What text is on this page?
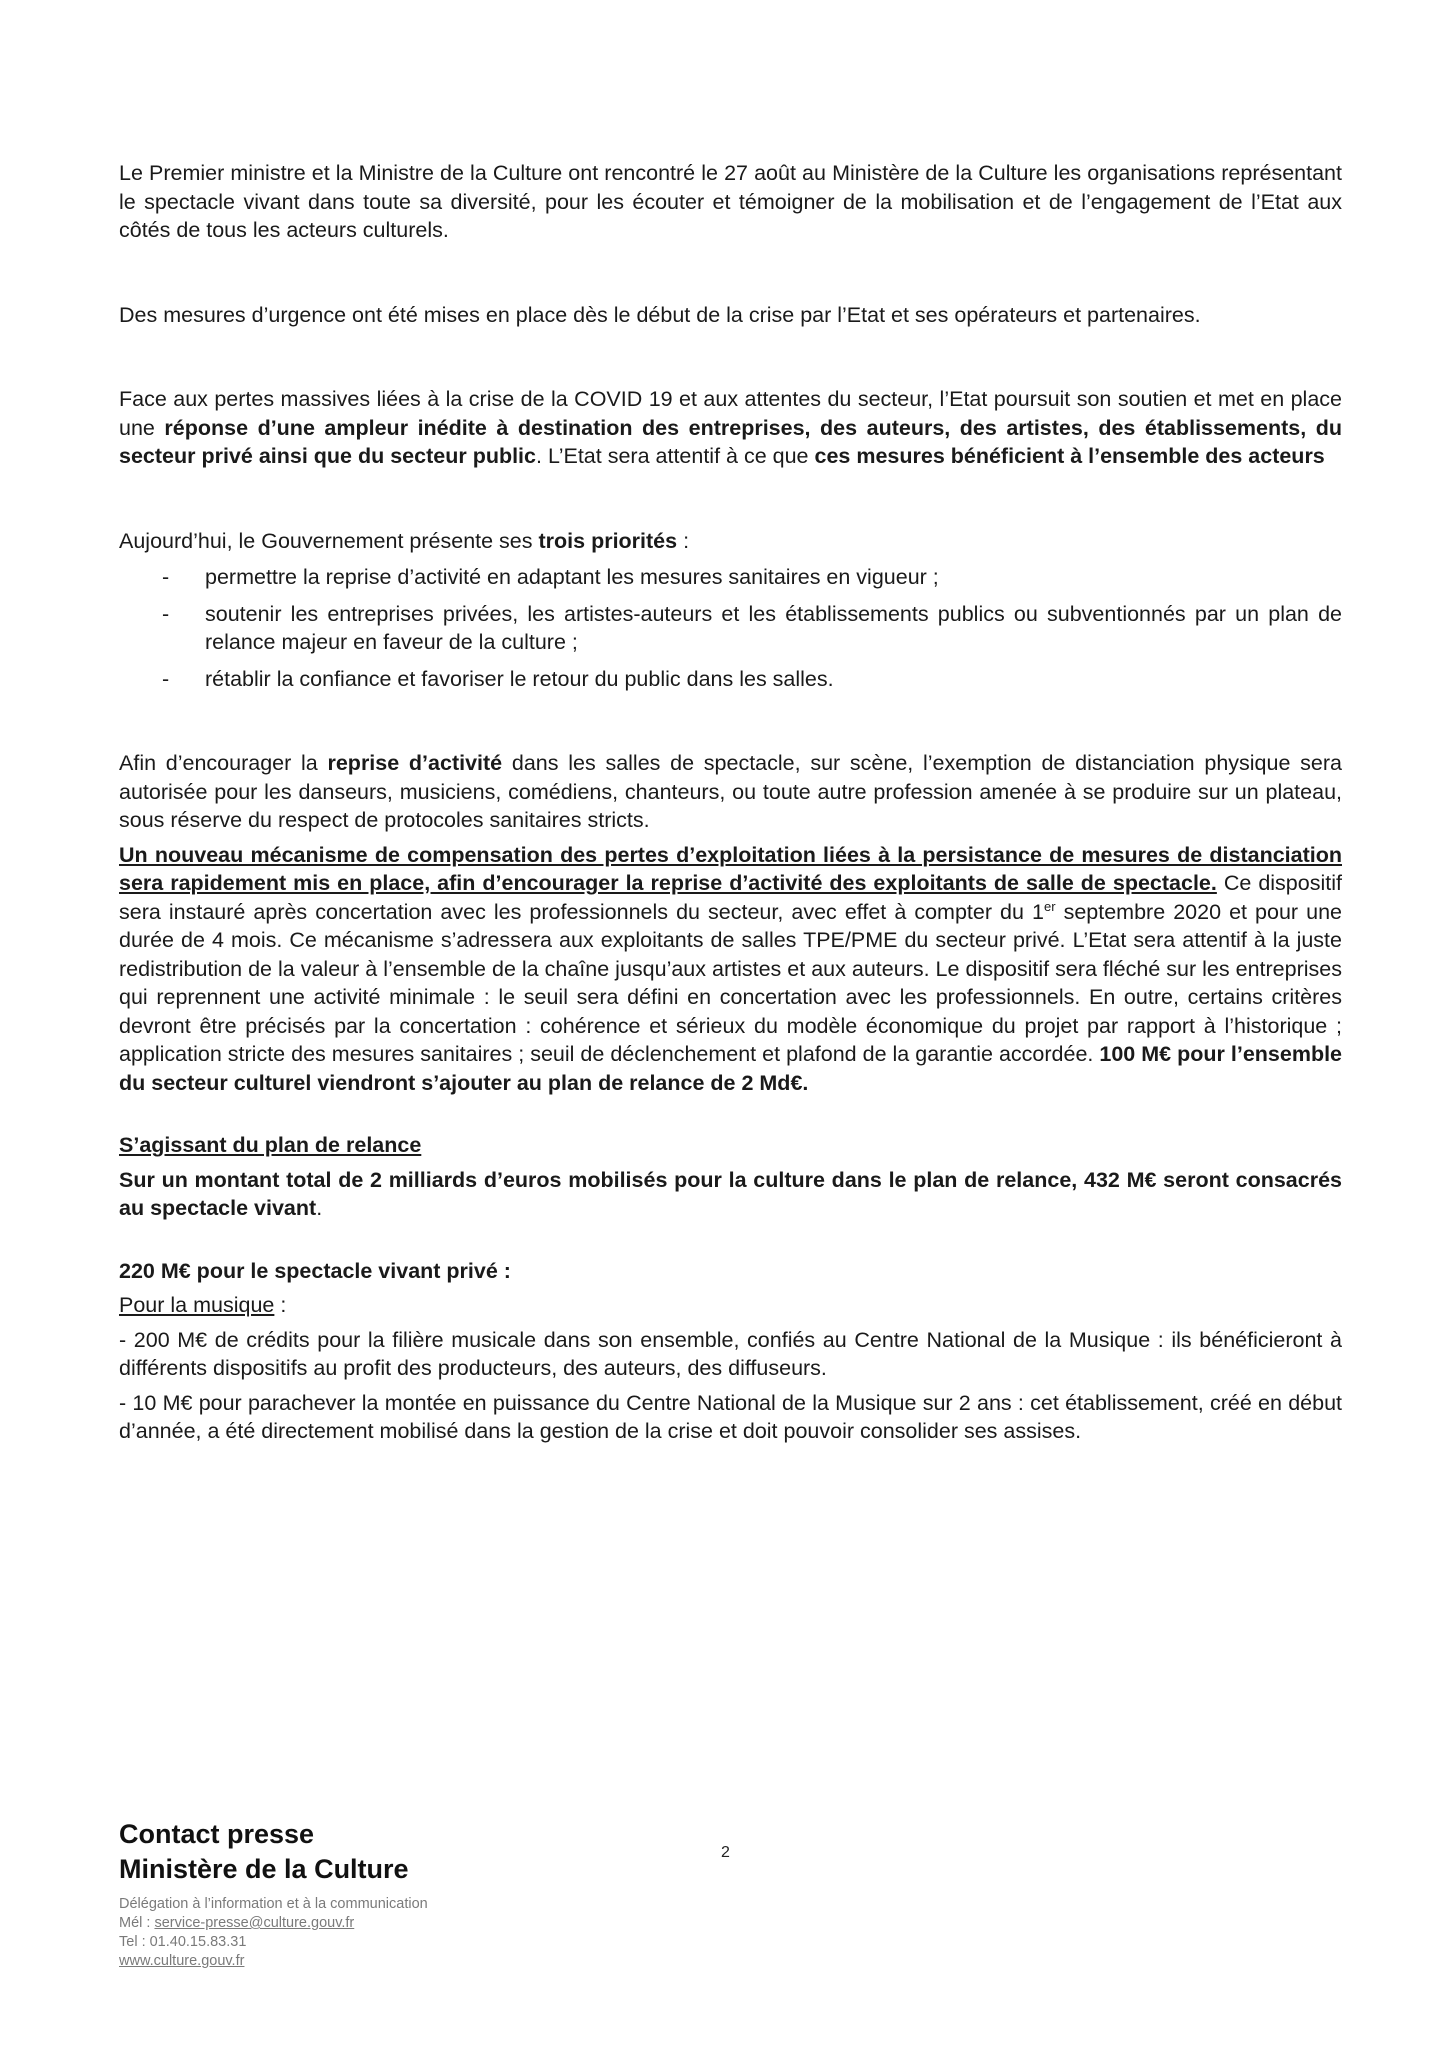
Le Premier ministre et la Ministre de la Culture ont rencontré le 27 août au Ministère de la Culture les organisations représentant le spectacle vivant dans toute sa diversité, pour les écouter et témoigner de la mobilisation et de l’engagement de l’Etat aux côtés de tous les acteurs culturels.

Des mesures d’urgence ont été mises en place dès le début de la crise par l’Etat et ses opérateurs et partenaires.

Face aux pertes massives liées à la crise de la COVID 19 et aux attentes du secteur, l’Etat poursuit son soutien et met en place une réponse d’une ampleur inédite à destination des entreprises, des auteurs, des artistes, des établissements, du secteur privé ainsi que du secteur public. L’Etat sera attentif à ce que ces mesures bénéficient à l’ensemble des acteurs

Aujourd’hui, le Gouvernement présente ses trois priorités :

- permettre la reprise d’activité en adaptant les mesures sanitaires en vigueur ;
- soutenir les entreprises privées, les artistes-auteurs et les établissements publics ou subventionnés par un plan de relance majeur en faveur de la culture ;
- rétablir la confiance et favoriser le retour du public dans les salles.

Afin d’encourager la reprise d’activité dans les salles de spectacle, sur scène, l’exemption de distanciation physique sera autorisée pour les danseurs, musiciens, comédiens, chanteurs, ou toute autre profession amenée à se produire sur un plateau, sous réserve du respect de protocoles sanitaires stricts.

Un nouveau mécanisme de compensation des pertes d’exploitation liées à la persistance de mesures de distanciation sera rapidement mis en place, afin d’encourager la reprise d’activité des exploitants de salle de spectacle. Ce dispositif sera instauré après concertation avec les professionnels du secteur, avec effet à compter du 1er septembre 2020 et pour une durée de 4 mois. Ce mécanisme s’adressera aux exploitants de salles TPE/PME du secteur privé. L’Etat sera attentif à la juste redistribution de la valeur à l’ensemble de la chaîne jusqu’aux artistes et aux auteurs. Le dispositif sera fléché sur les entreprises qui reprennent une activité minimale : le seuil sera défini en concertation avec les professionnels. En outre, certains critères devront être précisés par la concertation : cohérence et sérieux du modèle économique du projet par rapport à l’historique ; application stricte des mesures sanitaires ; seuil de déclenchement et plafond de la garantie accordée. 100 M€ pour l’ensemble du secteur culturel viendront s’ajouter au plan de relance de 2 Md€.

S’agissant du plan de relance

Sur un montant total de 2 milliards d’euros mobilisés pour la culture dans le plan de relance, 432 M€ seront consacrés au spectacle vivant.

220 M€ pour le spectacle vivant privé :

Pour la musique :

- 200 M€ de crédits pour la filière musicale dans son ensemble, confiés au Centre National de la Musique : ils bénéficieront à différents dispositifs au profit des producteurs, des auteurs, des diffuseurs.

- 10 M€ pour parachever la montée en puissance du Centre National de la Musique sur 2 ans : cet établissement, créé en début d’année, a été directement mobilisé dans la gestion de la crise et doit pouvoir consolider ses assises.

Contact presse
Ministère de la Culture
Délégation à l’information et à la communication
Mél : service-presse@culture.gouv.fr
Tel : 01.40.15.83.31
www.culture.gouv.fr
2
